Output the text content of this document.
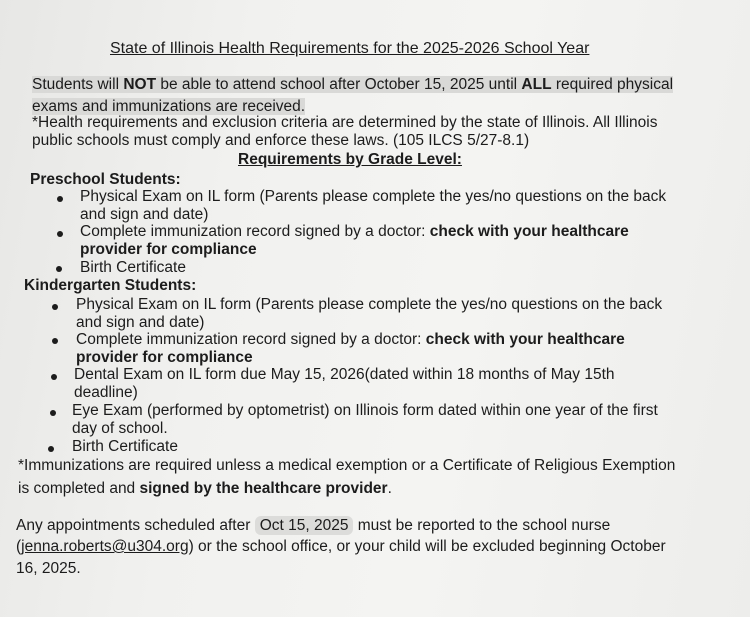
State of Illinois Health Requirements for the 2025-2026 School Year
Students will NOT be able to attend school after October 15, 2025 until ALL required physical
exams and immunizations are received.
*Health requirements and exclusion criteria are determined by the state of Illinois. All Illinois
public schools must comply and enforce these laws. (105 ILCS 5/27-8.1)
Requirements by Grade Level:
Preschool Students:
Physical Exam on IL form (Parents please complete the yes/no questions on the back
and sign and date)
Complete immunization record signed by a doctor: check with your healthcare
provider for compliance
Birth Certificate
Kindergarten Students:
Physical Exam on IL form (Parents please complete the yes/no questions on the back
and sign and date)
Complete immunization record signed by a doctor: check with your healthcare
provider for compliance
Dental Exam on IL form due May 15, 2026(dated within 18 months of May 15th
deadline)
Eye Exam (performed by optometrist) on Illinois form dated within one year of the first
day of school.
Birth Certificate
*Immunizations are required unless a medical exemption or a Certificate of Religious Exemption
is completed and signed by the healthcare provider.
Any appointments scheduled after Oct 15, 2025 must be reported to the school nurse
(jenna.roberts@u304.org) or the school office, or your child will be excluded beginning October
16, 2025.
